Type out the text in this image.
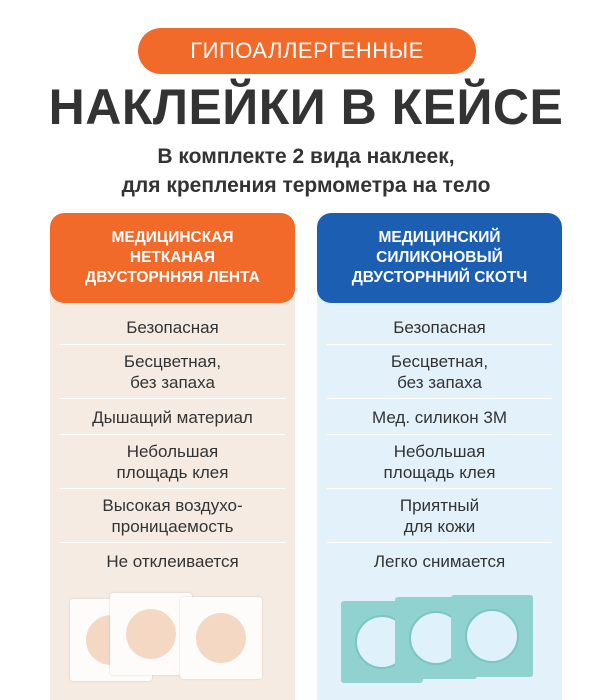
ГИПОАЛЛЕРГЕННЫЕ
НАКЛЕЙКИ В КЕЙСЕ
В комплекте 2 вида наклеек,
для крепления термометра на тело
МЕДИЦИНСКАЯ
НЕТКАНАЯ
ДВУСТОРННЯЯ ЛЕНТА
Безопасная
Бесцветная,
без запаха
Дышащий материал
Небольшая
площадь клея
Высокая воздухо-
проницаемость
Не отклеивается
МЕДИЦИНСКИЙ
СИЛИКОНОВЫЙ
ДВУСТОРННИЙ СКОТЧ
Безопасная
Бесцветная,
без запаха
Мед. силикон 3М
Небольшая
площадь клея
Приятный
для кожи
Легко снимается
